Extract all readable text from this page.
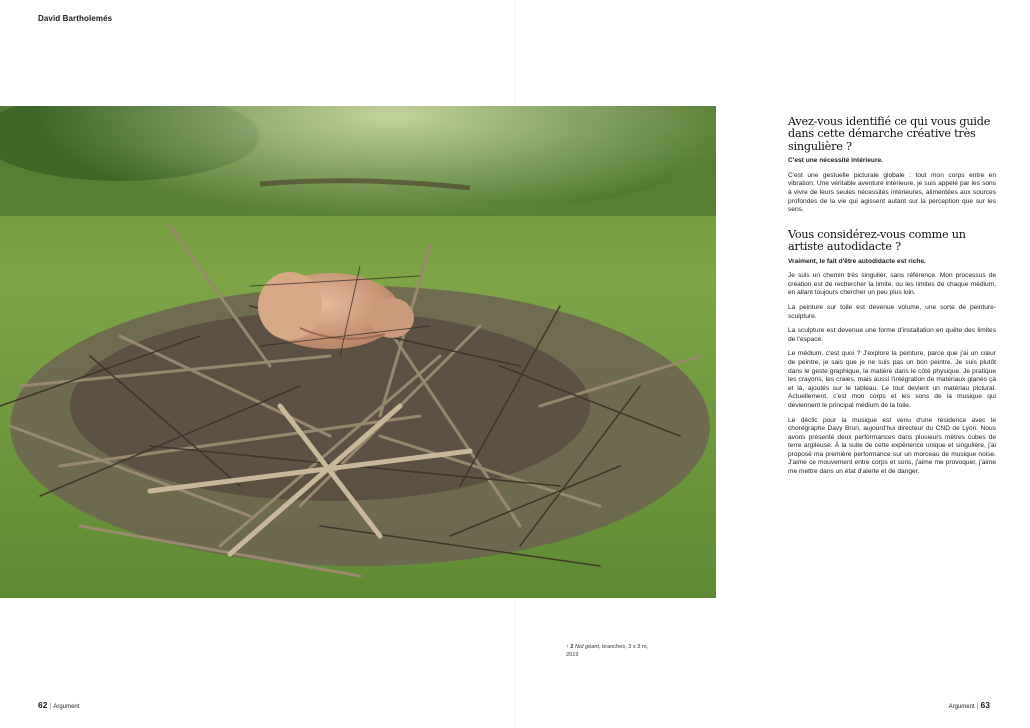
David Bartholemés
↑ 2 Nid géant, branches, 3 x 3 m,
2019
Avez-vous identifié ce qui vous guide dans cette démarche créative très singulière ?

C'est une nécessité intérieure.

C'est une gestuelle picturale globale : tout mon corps entre en vibration. Une véritable aventure intérieure, je suis appelé par les sons à vivre de leurs seules nécessités intérieures, alimentées aux sources profondes de la vie qui agissent autant sur la perception que sur les sens.

Vous considérez-vous comme un artiste autodidacte ?

Vraiment, le fait d'être autodidacte est riche.

Je suis un chemin très singulier, sans référence. Mon processus de création est de rechercher la limite, ou les limites de chaque médium, en allant toujours chercher un peu plus loin.

La peinture sur toile est devenue volume, une sorte de peinture-sculpture.

La sculpture est devenue une forme d'installation en quête des limites de l'espace.

Le médium, c'est quoi ? J'explore la peinture, parce que j'ai un cœur de peintre, je sais que je ne suis pas un bon peintre. Je suis plutôt dans le geste graphique, la matière dans le côté physique. Je pratique les crayons, les craies, mais aussi l'intégration de matériaux glanés çà et là, ajoutés sur le tableau. Le tout devient un matériau pictural. Actuellement, c'est mon corps et les sons de la musique qui deviennent le principal médium de la toile.

Le déclic pour la musique est venu d'une résidence avec le chorégraphe Davy Brun, aujourd'hui directeur du CND de Lyon. Nous avons présenté deux performances dans plusieurs mètres cubes de terre argileuse. À la suite de cette expérience unique et singulière, j'ai proposé ma première performance sur un morceau de musique noise. J'aime ce mouvement entre corps et sons, j'aime me provoquer, j'aime me mettre dans un état d'alerte et de danger.

62 | Argument	Argument | 63
